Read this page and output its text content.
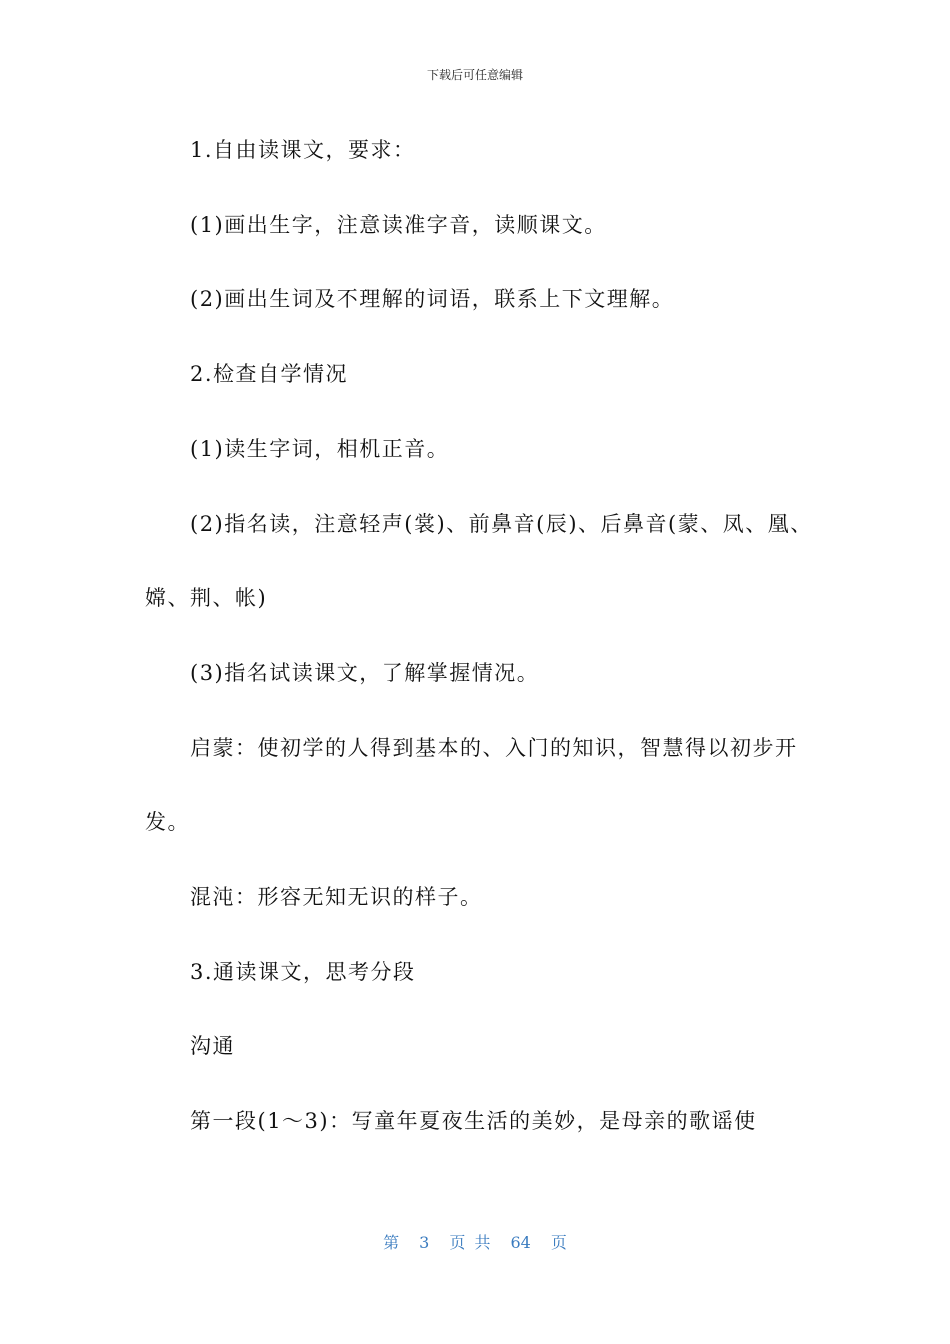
下载后可任意编辑
1.自由读课文，要求：
(1)画出生字，注意读准字音，读顺课文。
(2)画出生词及不理解的词语，联系上下文理解。
2.检查自学情况
(1)读生字词，相机正音。
(2)指名读，注意轻声(裳)、前鼻音(辰)、后鼻音(蒙、凤、凰、
嫦、荆、帐)
(3)指名试读课文，了解掌握情况。
启蒙：使初学的人得到基本的、入门的知识，智慧得以初步开
发。
混沌：形容无知无识的样子。
3.通读课文，思考分段
沟通
第一段(1～3)：写童年夏夜生活的美妙，是母亲的歌谣使
第 3 页 共 64 页
